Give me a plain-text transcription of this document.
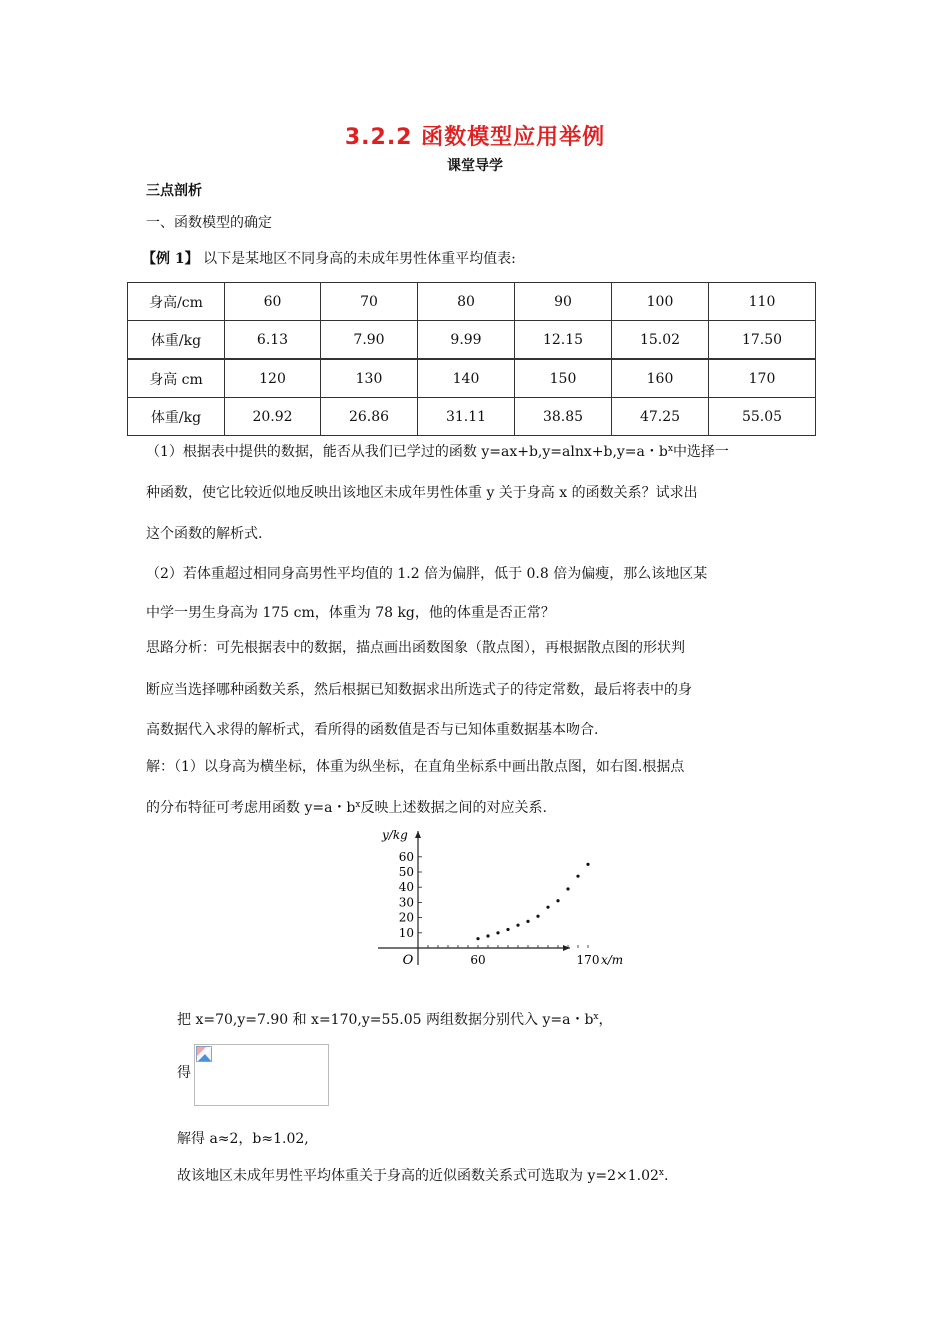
3.2.2 函数模型应用举例
课堂导学
三点剖析
一、函数模型的确定
【例 1】 以下是某地区不同身高的未成年男性体重平均值表:
身高/cm	60	70	80	90	100	110
体重/kg	6.13	7.90	9.99	12.15	15.02	17.50
身高 cm	120	130	140	150	160	170
体重/kg	20.92	26.86	31.11	38.85	47.25	55.05
（1）根据表中提供的数据，能否从我们已学过的函数 y=ax+b,y=alnx+b,y=a・$b^x$中选择一
种函数，使它比较近似地反映出该地区未成年男性体重 y 关于身高 x 的函数关系？试求出
这个函数的解析式.
（2）若体重超过相同身高男性平均值的 1.2 倍为偏胖，低于 0.8 倍为偏瘦，那么该地区某
中学一男生身高为 175 cm，体重为 78 kg，他的体重是否正常？
思路分析：可先根据表中的数据，描点画出函数图象（散点图），再根据散点图的形状判
断应当选择哪种函数关系，然后根据已知数据求出所选式子的待定常数，最后将表中的身
高数据代入求得的解析式，看所得的函数值是否与已知体重数据基本吻合.
解：（1）以身高为横坐标，体重为纵坐标，在直角坐标系中画出散点图，如右图.根据点
的分布特征可考虑用函数 y=a・$b^x$反映上述数据之间的对应关系.
10
20
30
40
50
60
60	170
O	x/m
y/kg
把 x=70,y=7.90 和 x=170,y=55.05 两组数据分别代入 y=a・$b^x$，
得
解得 a≈2，b≈1.02,
故该地区未成年男性平均体重关于身高的近似函数关系式可选取为 $y=2\times 1.02^x$.
